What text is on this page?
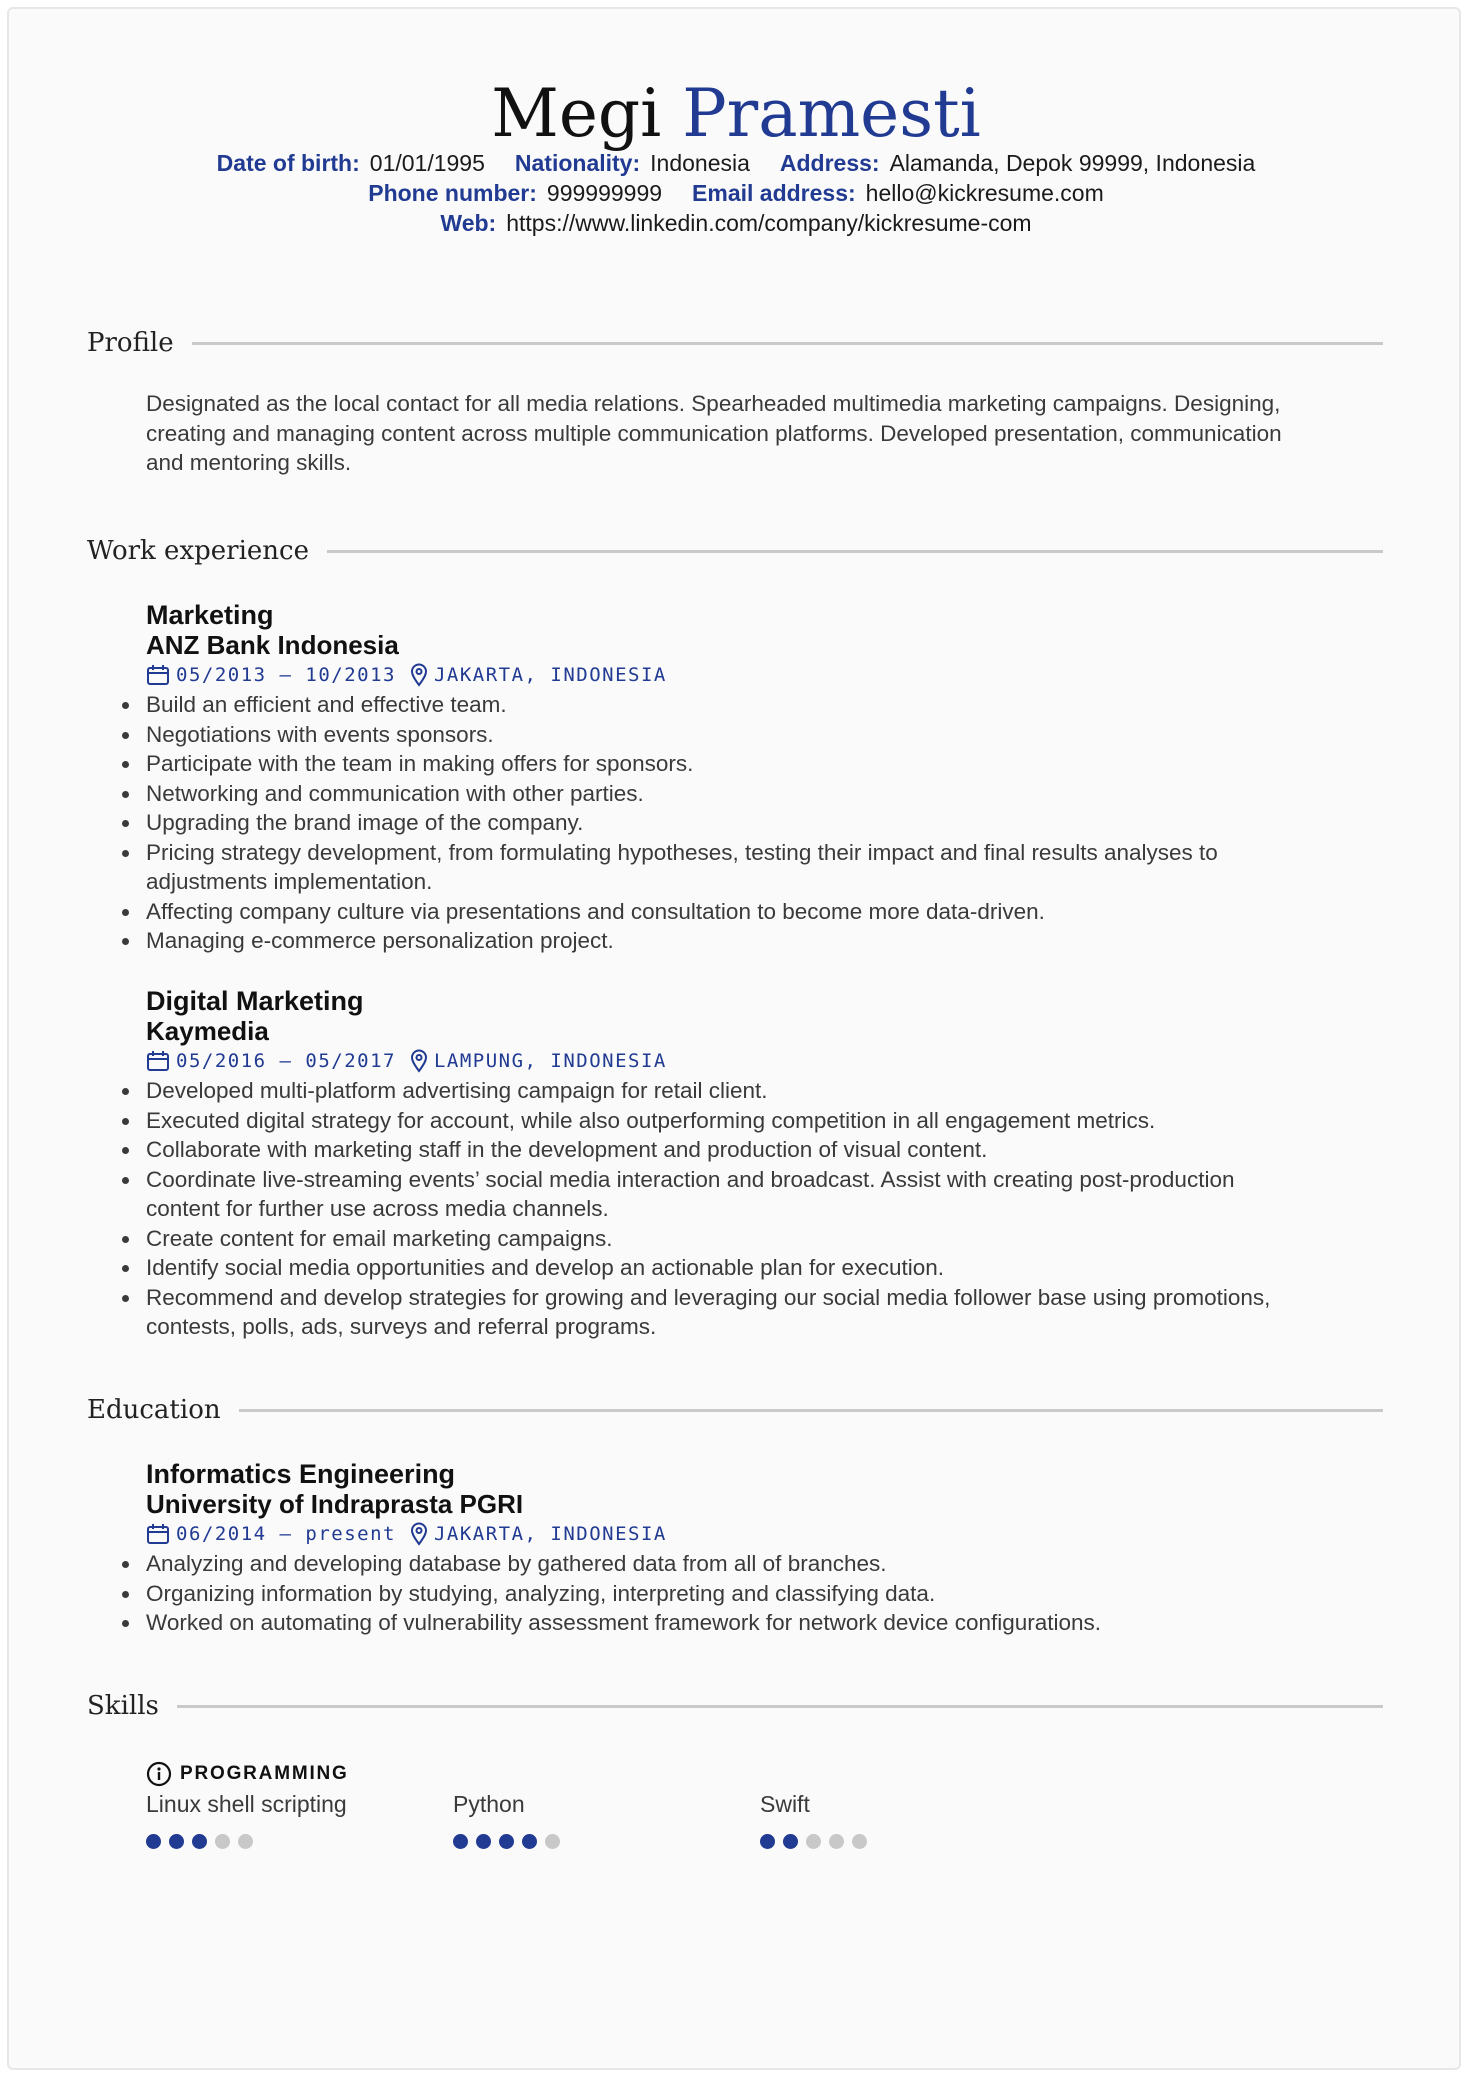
Megi Pramesti
Date of birth: 01/01/1995 Nationality: Indonesia Address: Alamanda, Depok 99999, Indonesia
Phone number: 999999999 Email address: hello@kickresume.com
Web: https://www.linkedin.com/company/kickresume-com
Profile
Designated as the local contact for all media relations. Spearheaded multimedia marketing campaigns. Designing,
creating and managing content across multiple communication platforms. Developed presentation, communication
and mentoring skills.
Work experience
Marketing
ANZ Bank Indonesia
05/2013 – 10/2013 JAKARTA, INDONESIA
Build an efficient and effective team.
Negotiations with events sponsors.
Participate with the team in making offers for sponsors.
Networking and communication with other parties.
Upgrading the brand image of the company.
Pricing strategy development, from formulating hypotheses, testing their impact and final results analyses to
adjustments implementation.
Affecting company culture via presentations and consultation to become more data-driven.
Managing e-commerce personalization project.
Digital Marketing
Kaymedia
05/2016 – 05/2017 LAMPUNG, INDONESIA
Developed multi-platform advertising campaign for retail client.
Executed digital strategy for account, while also outperforming competition in all engagement metrics.
Collaborate with marketing staff in the development and production of visual content.
Coordinate live-streaming events’ social media interaction and broadcast. Assist with creating post-production
content for further use across media channels.
Create content for email marketing campaigns.
Identify social media opportunities and develop an actionable plan for execution.
Recommend and develop strategies for growing and leveraging our social media follower base using promotions,
contests, polls, ads, surveys and referral programs.
Education
Informatics Engineering
University of Indraprasta PGRI
06/2014 – present JAKARTA, INDONESIA
Analyzing and developing database by gathered data from all of branches.
Organizing information by studying, analyzing, interpreting and classifying data.
Worked on automating of vulnerability assessment framework for network device configurations.
Skills
PROGRAMMING
Linux shell scripting	Python	Swift
